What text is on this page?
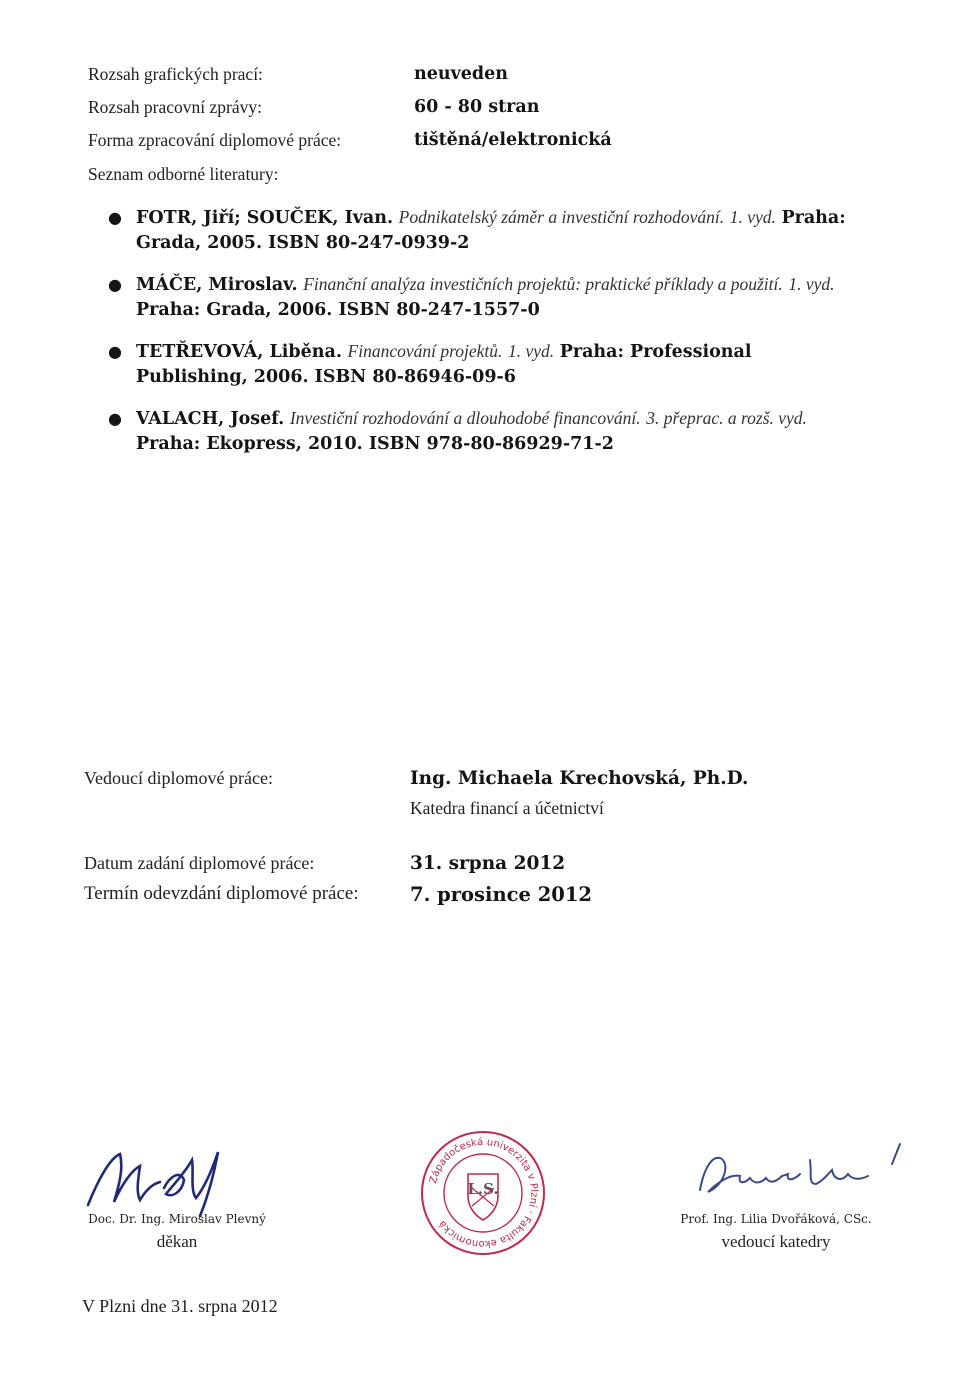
Rozsah grafických prací:	neuveden
Rozsah pracovní zprávy:	60 - 80 stran
Forma zpracování diplomové práce:	tištěná/elektronická
Seznam odborné literatury:
● FOTR, Jiří; SOUČEK, Ivan. Podnikatelský záměr a investiční rozhodování. 1. vyd. Praha: Grada, 2005. ISBN 80-247-0939-2
● MÁČE, Miroslav. Finanční analýza investičních projektů: praktické příklady a použití. 1. vyd. Praha: Grada, 2006. ISBN 80-247-1557-0
● TETŘEVOVÁ, Liběna. Financování projektů. 1. vyd. Praha: Professional Publishing, 2006. ISBN 80-86946-09-6
● VALACH, Josef. Investiční rozhodování a dlouhodobé financování. 3. přeprac. a rozš. vyd. Praha: Ekopress, 2010. ISBN 978-80-86929-71-2
Vedoucí diplomové práce:	Ing. Michaela Krechovská, Ph.D.
Katedra financí a účetnictví
Datum zadání diplomové práce:	31. srpna 2012
Termín odevzdání diplomové práce:	7. prosince 2012
Doc. Dr. Ing. Miroslav Plevný
děkan
Západočeská univerzita v Plzni · Fakulta ekonomická
L.S.
Prof. Ing. Lilia Dvořáková, CSc.
vedoucí katedry
V Plzni dne 31. srpna 2012
